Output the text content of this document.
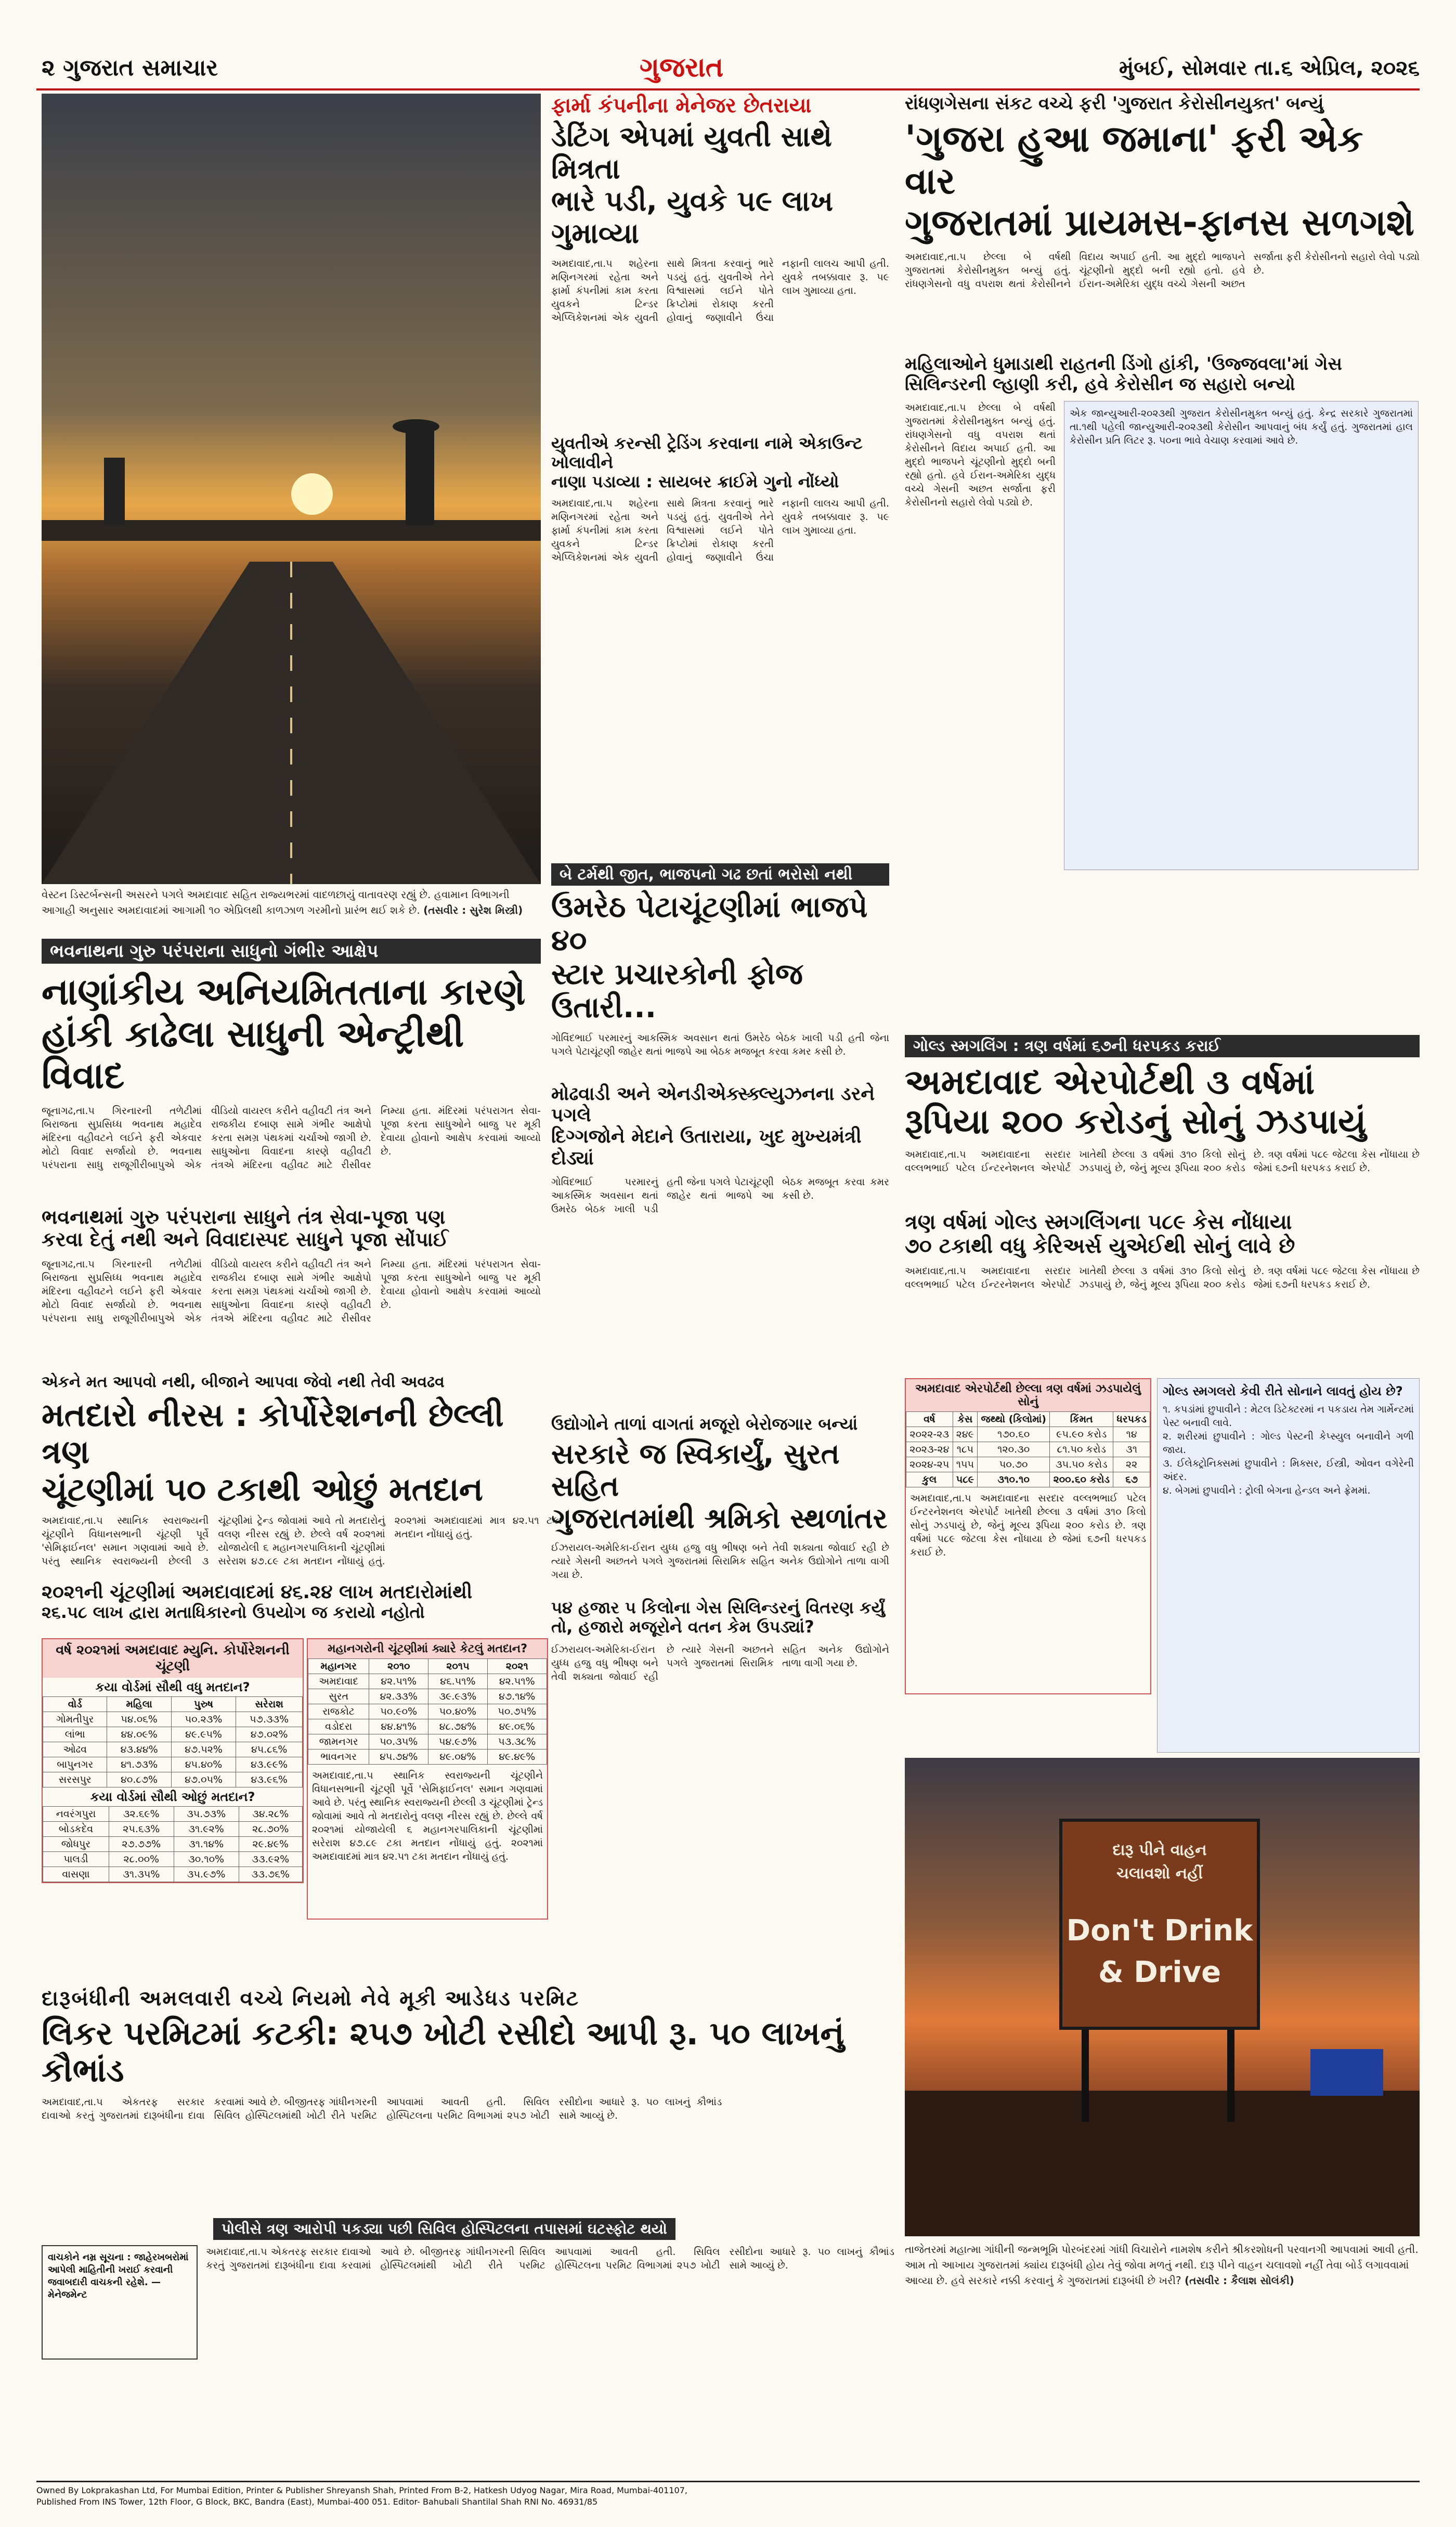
૨ ગુજરાત સમાચાર	ગુજરાત	મુંબઈ, સોમવાર તા.૬ એપ્રિલ, ૨૦૨૬
વેસ્ટન ડિસ્ટર્બન્સની અસરને પગલે અમદાવાદ સહિત રાજ્યભરમાં વાદળછાયું વાતાવરણ રહ્યું છે. હવામાન વિભાગની આગાહી અનુસાર અમદાવાદમાં આગામી ૧૦ એપ્રિલથી કાળઝાળ ગરમીનો પ્રારંભ થઈ શકે છે. (તસવીર : સુરેશ મિસ્ત્રી)
ભવનાથના ગુરુ પરંપરાના સાધુનો ગંભીર આક્ષેપ
નાણાંકીય અનિયમિતતાના કારણે
હાંકી કાઢેલા સાધુની એન્ટ્રીથી વિવાદ
જૂનાગઢ,તા.૫ ગિરનારની તળેટીમાં બિરાજતા સુપ્રસિધ્ધ ભવનાથ મહાદેવ મંદિરના વહીવટને લઈને ફરી એકવાર મોટો વિવાદ સર્જાયો છે. ભવનાથ પરંપરાના સાધુ રાજૂગીરીબાપુએ એક વીડિયો વાયરલ કરીને વહીવટી તંત્ર અને રાજકીય દબાણ સામે ગંભીર આક્ષેપો કરતા સમગ્ર પંથકમાં ચર્ચાઓ જાગી છે. સાધુઓના વિવાદના કારણે વહીવટી તંત્રએ મંદિરના વહીવટ માટે રીસીવર નિમ્યા હતા. મંદિરમાં પરંપરાગત સેવા-પૂજા કરતા સાધુઓને બાજુ પર મૂકી દેવાયા હોવાનો આક્ષેપ કરવામાં આવ્યો છે.
ભવનાથમાં ગુરુ પરંપરાના સાધુને તંત્ર સેવા-પૂજા પણ
કરવા દેતું નથી અને વિવાદાસ્પદ સાધુને પૂજા સોંપાઈ
જૂનાગઢ,તા.૫ ગિરનારની તળેટીમાં બિરાજતા સુપ્રસિધ્ધ ભવનાથ મહાદેવ મંદિરના વહીવટને લઈને ફરી એકવાર મોટો વિવાદ સર્જાયો છે. ભવનાથ પરંપરાના સાધુ રાજૂગીરીબાપુએ એક વીડિયો વાયરલ કરીને વહીવટી તંત્ર અને રાજકીય દબાણ સામે ગંભીર આક્ષેપો કરતા સમગ્ર પંથકમાં ચર્ચાઓ જાગી છે. સાધુઓના વિવાદના કારણે વહીવટી તંત્રએ મંદિરના વહીવટ માટે રીસીવર નિમ્યા હતા. મંદિરમાં પરંપરાગત સેવા-પૂજા કરતા સાધુઓને બાજુ પર મૂકી દેવાયા હોવાનો આક્ષેપ કરવામાં આવ્યો છે.
એકને મત આપવો નથી, બીજાને આપવા જેવો નથી તેવી અવઢવ
મતદારો નીરસ : કોર્પોરેશનની છેલ્લી ત્રણ
ચૂંટણીમાં ૫૦ ટકાથી ઓછું મતદાન
અમદાવાદ,તા.૫ સ્થાનિક સ્વરાજ્યની ચૂંટણીને વિધાનસભાની ચૂંટણી પૂર્વે 'સેમિફાઈનલ' સમાન ગણવામાં આવે છે. પરંતુ સ્થાનિક સ્વરાજ્યની છેલ્લી ૩ ચૂંટણીમાં ટ્રેન્ડ જોવામાં આવે તો મતદારોનું વલણ નીરસ રહ્યું છે. છેલ્લે વર્ષ ૨૦૨૧માં યોજાયેલી ૬ મહાનગરપાલિકાની ચૂંટણીમાં સરેરાશ ૪૭.૮૯ ટકા મતદાન નોંધાયું હતું. ૨૦૨૧માં અમદાવાદમાં માત્ર ૪૨.૫૧ ટકા મતદાન નોંધાયું હતું.
૨૦૨૧ની ચૂંટણીમાં અમદાવાદમાં ૪૬.૨૪ લાખ મતદારોમાંથી
૨૬.૫૮ લાખ દ્વારા મતાધિકારનો ઉપયોગ જ કરાયો નહોતો
વર્ષ ૨૦૨૧માં અમદાવાદ મ્યુનિ. કોર્પોરેશનની ચૂંટણી
કયા વોર્ડમાં સૌથી વધુ મતદાન?
વોર્ડ	મહિલા	પુરુષ	સરેરાશ
ગોમતીપુર	૫૪.૦૬%	૫૦.૨૩%	૫૭.૩૩%
લાંભા	૪૪.૦૯%	૪૯.૯૫%	૪૭.૦૨%
ઓઢવ	૪૩.૪૪%	૪૭.૫૨%	૪૫.૮૬%
બાપુનગર	૪૧.૭૩%	૪૫.૪૦%	૪૩.૯૯%
સરસપુર	૪૦.૮૭%	૪૭.૦૫%	૪૩.૯૬%
કયા વોર્ડમાં સૌથી ઓછું મતદાન?
નવરંગપુરા	૩૨.૬૯%	૩૫.૭૩%	૩૪.૨૮%
બોડકદેવ	૨૫.૬૩%	૩૧.૯૨%	૨૮.૭૦%
જોધપુર	૨૭.૭૭%	૩૧.૧૪%	૨૯.૪૯%
પાલડી	૨૮.૦૦%	૩૦.૧૦%	૩૩.૯૨%
વાસણા	૩૧.૩૫%	૩૫.૯૭%	૩૩.૭૬%
મહાનગરોની ચૂંટણીમાં ક્યારે કેટલું મતદાન?
મહાનગર	૨૦૧૦	૨૦૧૫	૨૦૨૧
અમદાવાદ	૪૨.૫૧%	૪૬.૫૧%	૪૨.૫૧%
સુરત	૪૨.૩૩%	૩૯.૯૩%	૪૭.૧૪%
રાજકોટ	૫૦.૯૦%	૫૦.૪૦%	૫૦.૭૫%
વડોદરા	૪૪.૪૧%	૪૮.૭૪%	૪૯.૦૬%
જામનગર	૫૦.૩૫%	૫૪.૯૭%	૫૩.૩૮%
ભાવનગર	૪૫.૭૪%	૪૯.૦૪%	૪૯.૪૯%
અમદાવાદ,તા.૫ સ્થાનિક સ્વરાજ્યની ચૂંટણીને વિધાનસભાની ચૂંટણી પૂર્વે 'સેમિફાઈનલ' સમાન ગણવામાં આવે છે. પરંતુ સ્થાનિક સ્વરાજ્યની છેલ્લી ૩ ચૂંટણીમાં ટ્રેન્ડ જોવામાં આવે તો મતદારોનું વલણ નીરસ રહ્યું છે. છેલ્લે વર્ષ ૨૦૨૧માં યોજાયેલી ૬ મહાનગરપાલિકાની ચૂંટણીમાં સરેરાશ ૪૭.૮૯ ટકા મતદાન નોંધાયું હતું. ૨૦૨૧માં અમદાવાદમાં માત્ર ૪૨.૫૧ ટકા મતદાન નોંધાયું હતું.
ફાર્મા કંપનીના મેનેજર છેતરાયા
ડેટિંગ એપમાં યુવતી સાથે મિત્રતા
ભારે પડી, યુવકે ૫૯ લાખ ગુમાવ્યા
અમદાવાદ,તા.૫ શહેરના મણિનગરમાં રહેતા અને ફાર્મા કંપનીમાં કામ કરતા યુવકને ટિન્ડર એપ્લિકેશનમાં એક યુવતી સાથે મિત્રતા કરવાનું ભારે પડયું હતું. યુવતીએ તેને વિશ્વાસમાં લઈને પોતે ક્રિપ્ટોમાં રોકાણ કરતી હોવાનું જણાવીને ઉંચા નફાની લાલચ આપી હતી. યુવકે તબક્કાવાર રૂ. ૫૯ લાખ ગુમાવ્યા હતા.
યુવતીએ કરન્સી ટ્રેડિંગ કરવાના નામે એકાઉન્ટ ખોલાવીને
નાણા પડાવ્યા : સાયબર ક્રાઈમે ગુનો નોંધ્યો
અમદાવાદ,તા.૫ શહેરના મણિનગરમાં રહેતા અને ફાર્મા કંપનીમાં કામ કરતા યુવકને ટિન્ડર એપ્લિકેશનમાં એક યુવતી સાથે મિત્રતા કરવાનું ભારે પડયું હતું. યુવતીએ તેને વિશ્વાસમાં લઈને પોતે ક્રિપ્ટોમાં રોકાણ કરતી હોવાનું જણાવીને ઉંચા નફાની લાલચ આપી હતી. યુવકે તબક્કાવાર રૂ. ૫૯ લાખ ગુમાવ્યા હતા.
બે ટર્મથી જીત, ભાજપનો ગઢ છતાં ભરોસો નથી
ઉમરેઠ પેટાચૂંટણીમાં ભાજપે ૪૦
સ્ટાર પ્રચારકોની ફોજ ઉતારી...
ગોવિંદભાઈ પરમારનું આકસ્મિક અવસાન થતાં ઉમરેઠ બેઠક ખાલી પડી હતી જેના પગલે પેટાચૂંટણી જાહેર થતાં ભાજપે આ બેઠક મજબૂત કરવા કમર કસી છે.
મોઢવાડી અને એનડીએક્સ્ક્લ્યુઝનના ડરને પગલે
દિગ્ગજોને મેદાને ઉતારાયા, ખુદ મુખ્યમંત્રી દોડ્યાં
ગોવિંદભાઈ પરમારનું આકસ્મિક અવસાન થતાં ઉમરેઠ બેઠક ખાલી પડી હતી જેના પગલે પેટાચૂંટણી જાહેર થતાં ભાજપે આ બેઠક મજબૂત કરવા કમર કસી છે.
ઉદ્યોગોને તાળાં વાગતાં મજૂરો બેરોજગાર બન્યાં
સરકારે જ સ્વિકાર્યું, સુરત સહિત
ગુજરાતમાંથી શ્રમિકો સ્થળાંતર
ઈઝરાયલ-અમેરિકા-ઈરાન યુધ્ધ હજુ વધુ ભીષણ બને તેવી શક્યતા જોવાઈ રહી છે ત્યારે ગેસની અછતને પગલે ગુજરાતમાં સિરામિક સહિત અનેક ઉદ્યોગોને તાળા વાગી ગયા છે.
૫૪ હજાર ૫ કિલોના ગેસ સિલિન્ડરનું વિતરણ કર્યું તો, હજારો મજૂરોને વતન કેમ ઉપડ્યાં?
ઈઝરાયલ-અમેરિકા-ઈરાન યુધ્ધ હજુ વધુ ભીષણ બને તેવી શક્યતા જોવાઈ રહી છે ત્યારે ગેસની અછતને પગલે ગુજરાતમાં સિરામિક સહિત અનેક ઉદ્યોગોને તાળા વાગી ગયા છે.
રાંધણગેસના સંકટ વચ્ચે ફરી 'ગુજરાત કેરોસીનયુક્ત' બન્યું
'ગુજરા હુઆ જમાના' ફરી એક વાર
ગુજરાતમાં પ્રાયમસ-ફાનસ સળગશે
અમદાવાદ,તા.૫ છેલ્લા બે વર્ષથી ગુજરાતમાં કેરોસીનમુક્ત બન્યું હતું. રાંધણગેસનો વધુ વપરાશ થતાં કેરોસીનને વિદાય અપાઈ હતી. આ મુદ્દો ભાજપને ચૂંટણીનો મુદ્દો બની રહ્યો હતો. હવે ઈરાન-અમેરિકા યુદ્ધ વચ્ચે ગેસની અછત સર્જાતા ફરી કેરોસીનનો સહારો લેવો પડ્યો છે.
મહિલાઓને ધુમાડાથી રાહતની ડિંગો હાંકી, 'ઉજ્જવલા'માં ગેસ
સિલિન્ડરની લ્હાણી કરી, હવે કેરોસીન જ સહારો બન્યો
અમદાવાદ,તા.૫ છેલ્લા બે વર્ષથી ગુજરાતમાં કેરોસીનમુક્ત બન્યું હતું. રાંધણગેસનો વધુ વપરાશ થતાં કેરોસીનને વિદાય અપાઈ હતી. આ મુદ્દો ભાજપને ચૂંટણીનો મુદ્દો બની રહ્યો હતો. હવે ઈરાન-અમેરિકા યુદ્ધ વચ્ચે ગેસની અછત સર્જાતા ફરી કેરોસીનનો સહારો લેવો પડ્યો છે.
એક જાન્યુઆરી-૨૦૨૩થી ગુજરાત કેરોસીનમુક્ત બન્યું હતું. કેન્દ્ર સરકારે ગુજરાતમાં તા.૧થી પહેલી જાન્યુઆરી-૨૦૨૩થી કેરોસીન આપવાનું બંધ કર્યું હતું. ગુજરાતમાં હાલ કેરોસીન પ્રતિ લિટર રૂ. ૫૦ના ભાવે વેચાણ કરવામાં આવે છે.
ગોલ્ડ સ્મગલિંગ : ત્રણ વર્ષમાં ૬૭ની ધરપકડ કરાઈ
અમદાવાદ એરપોર્ટથી ૩ વર્ષમાં
રૂપિયા ૨૦૦ કરોડનું સોનું ઝડપાયું
અમદાવાદ,તા.૫ અમદાવાદના સરદાર વલ્લભભાઈ પટેલ ઈન્ટરનેશનલ એરપોર્ટ ખાતેથી છેલ્લા ૩ વર્ષમાં ૩૧૦ કિલો સોનું ઝડપાયું છે, જેનું મૂલ્ય રૂપિયા ૨૦૦ કરોડ છે. ત્રણ વર્ષમાં ૫૮૯ જેટલા કેસ નોંધાયા છે જેમાં ૬૭ની ધરપકડ કરાઈ છે.
ત્રણ વર્ષમાં ગોલ્ડ સ્મગલિંગના ૫૮૯ કેસ નોંધાયા
૭૦ ટકાથી વધુ કેરિઅર્સ યુએઈથી સોનું લાવે છે
અમદાવાદ,તા.૫ અમદાવાદના સરદાર વલ્લભભાઈ પટેલ ઈન્ટરનેશનલ એરપોર્ટ ખાતેથી છેલ્લા ૩ વર્ષમાં ૩૧૦ કિલો સોનું ઝડપાયું છે, જેનું મૂલ્ય રૂપિયા ૨૦૦ કરોડ છે. ત્રણ વર્ષમાં ૫૮૯ જેટલા કેસ નોંધાયા છે જેમાં ૬૭ની ધરપકડ કરાઈ છે.
અમદાવાદ એરપોર્ટથી છેલ્લા ત્રણ વર્ષમાં ઝડપાયેલું સોનું
વર્ષ	કેસ	જથ્થો (કિલોમાં)	કિંમત	ધરપકડ
૨૦૨૨-૨૩	૨૪૯	૧૭૦.૬૦	૯૫.૯૦ કરોડ	૧૪
૨૦૨૩-૨૪	૧૮૫	૧૨૦.૩૦	૮૧.૫૦ કરોડ	૩૧
૨૦૨૪-૨૫	૧૫૫	૫૦.૭૦	૩૫.૫૦ કરોડ	૨૨
કુલ	૫૮૯	૩૧૦.૧૦	૨૦૦.૬૦ કરોડ	૬૭
અમદાવાદ,તા.૫ અમદાવાદના સરદાર વલ્લભભાઈ પટેલ ઈન્ટરનેશનલ એરપોર્ટ ખાતેથી છેલ્લા ૩ વર્ષમાં ૩૧૦ કિલો સોનું ઝડપાયું છે, જેનું મૂલ્ય રૂપિયા ૨૦૦ કરોડ છે. ત્રણ વર્ષમાં ૫૮૯ જેટલા કેસ નોંધાયા છે જેમાં ૬૭ની ધરપકડ કરાઈ છે.
ગોલ્ડ સ્મગલરો કેવી રીતે સોનાને લાવતું હોય છે?
૧. કપડાંમાં છુપાવીને : મેટલ ડિટેક્ટરમાં ન પકડાય તેમ ગાર્મેન્ટમાં પેસ્ટ બનાવી લાવે.
૨. શરીરમાં છુપાવીને : ગોલ્ડ પેસ્ટની કેપ્સ્યુલ બનાવીને ગળી જાય.
૩. ઈલેક્ટ્રોનિક્સમાં છુપાવીને : મિક્સર, ઈસ્ત્રી, ઓવન વગેરેની અંદર.
૪. બેગમાં છુપાવીને : ટ્રોલી બેગના હેન્ડલ અને ફ્રેમમાં.
દારૂ પીને વાહન
ચલાવશો નહીં
Don't Drink
& Drive
તાજેતરમાં મહાત્મા ગાંધીની જન્મભૂમિ પોરબંદરમાં ગાંધી વિચારોને નામશેષ કરીને શ્રીકરશોધની પરવાનગી આપવામાં આવી હતી. આમ તો આખાય ગુજરાતમાં ક્યાંય દારૂબંધી હોય તેવું જોવા મળતું નથી. દારૂ પીને વાહન ચલાવશો નહીં તેવા બોર્ડ લગાવવામાં આવ્યા છે. હવે સરકારે નક્કી કરવાનું કે ગુજરાતમાં દારૂબંધી છે ખરી? (તસવીર : કૈલાશ સોલંકી)
દારૂબંધીની અમલવારી વચ્ચે નિયમો નેવે મૂકી આડેધડ પરમિટ
લિકર પરમિટમાં કટકી: ૨૫૭ ખોટી રસીદો આપી રૂ. ૫૦ લાખનું કૌભાંડ
અમદાવાદ,તા.૫ એકતરફ સરકાર દાવાઓ કરતું ગુજરાતમાં દારૂબંધીના દાવા કરવામાં આવે છે. બીજીતરફ ગાંધીનગરની સિવિલ હોસ્પિટલમાંથી ખોટી રીતે પરમિટ આપવામાં આવતી હતી. સિવિલ હોસ્પિટલના પરમિટ વિભાગમાં ૨૫૭ ખોટી રસીદોના આધારે રૂ. ૫૦ લાખનું કૌભાંડ સામે આવ્યું છે.
પોલીસે ત્રણ આરોપી પકડ્યા પછી સિવિલ હોસ્પિટલના તપાસમાં ઘટસ્ફોટ થયો
વાચકોને નમ્ર સૂચના : જાહેરખબરોમાં આપેલી માહિતીની ખરાઈ કરવાની જવાબદારી વાચકની રહેશે. — મેનેજમેન્ટ
અમદાવાદ,તા.૫ એકતરફ સરકાર દાવાઓ કરતું ગુજરાતમાં દારૂબંધીના દાવા કરવામાં આવે છે. બીજીતરફ ગાંધીનગરની સિવિલ હોસ્પિટલમાંથી ખોટી રીતે પરમિટ આપવામાં આવતી હતી. સિવિલ હોસ્પિટલના પરમિટ વિભાગમાં ૨૫૭ ખોટી રસીદોના આધારે રૂ. ૫૦ લાખનું કૌભાંડ સામે આવ્યું છે.
Owned By Lokprakashan Ltd, For Mumbai Edition, Printer & Publisher Shreyansh Shah, Printed From B-2, Hatkesh Udyog Nagar, Mira Road, Mumbai-401107,
Published From INS Tower, 12th Floor, G Block, BKC, Bandra (East), Mumbai-400 051. Editor- Bahubali Shantilal Shah RNI No. 46931/85
